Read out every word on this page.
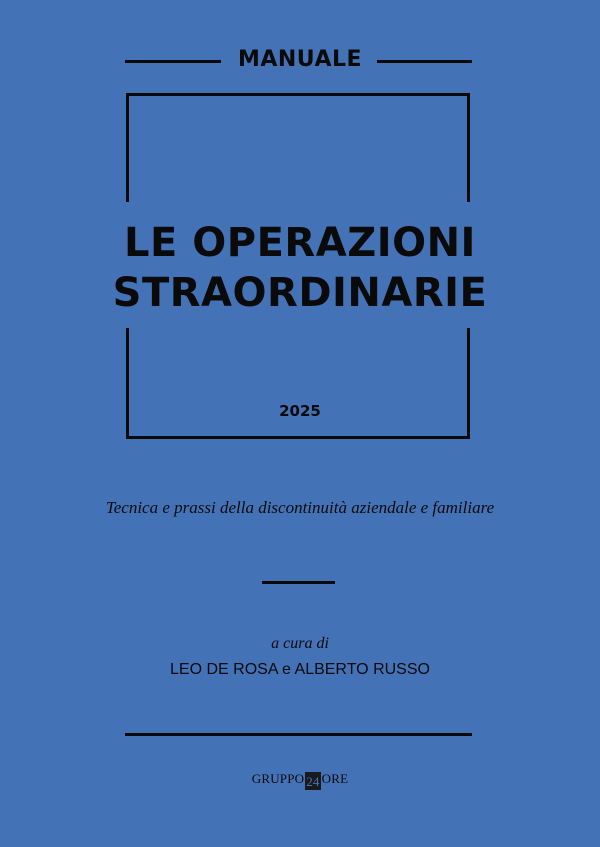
MANUALE
LE OPERAZIONI
STRAORDINARIE
2025
Tecnica e prassi della discontinuità aziendale e familiare
a cura di
LEO DE ROSA e ALBERTO RUSSO
GRUPPO 24 ORE
